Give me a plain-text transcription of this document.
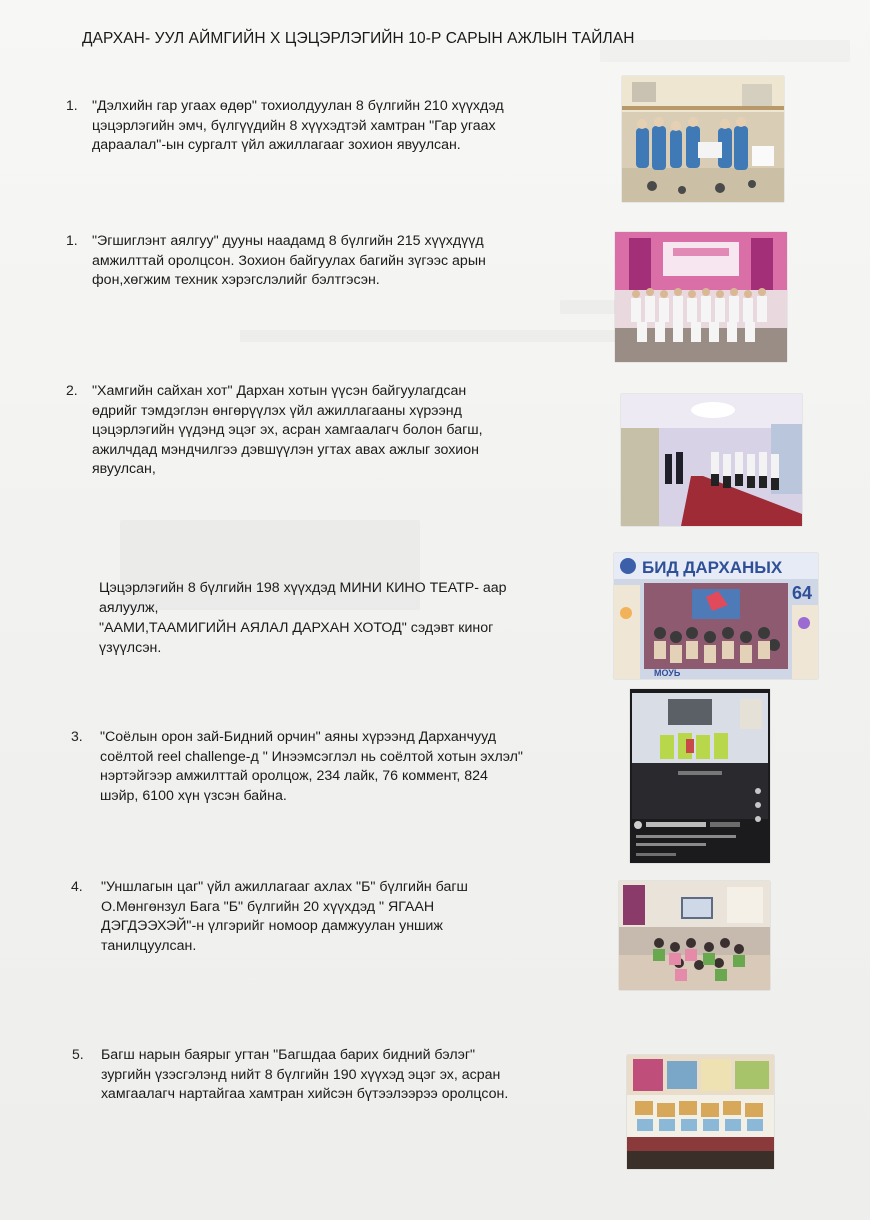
ДАРХАН- УУЛ АЙМГИЙН Х ЦЭЦЭРЛЭГИЙН 10-Р САРЫН АЖЛЫН ТАЙЛАН
1. "Дэлхийн гар угаах өдөр" тохиолдуулан 8 бүлгийн 210 хүүхдэд
цэцэрлэгийн эмч, бүлгүүдийн 8 хүүхэдтэй хамтран "Гар угаах
дараалал"-ын сургалт үйл ажиллагааг зохион явуулсан.
1. "Эгшиглэнт аялгуу" дууны наадамд 8 бүлгийн 215 хүүхдүүд
амжилттай оролцсон. Зохион байгуулах багийн зүгээс арын
фон,хөгжим техник хэрэгслэлийг бэлтгэсэн.
2. "Хамгийн сайхан хот" Дархан хотын үүсэн байгуулагдсан
өдрийг тэмдэглэн өнгөрүүлэх үйл ажиллагааны хүрээнд
цэцэрлэгийн үүдэнд эцэг эх, асран хамгаалагч болон багш,
ажилчдад мэндчилгээ дэвшүүлэн угтах авах ажлыг зохион
явуулсан,
Цэцэрлэгийн 8 бүлгийн 198 хүүхдэд МИНИ КИНО ТЕАТР- аар
аялуулж,
"ААМИ,ТААМИГИЙН АЯЛАЛ ДАРХАН ХОТОД" сэдэвт киног
үзүүлсэн.
БИД ДАРХАНЫХ
64
МОУЬ
3. "Соёлын орон зай-Бидний орчин" аяны хүрээнд Дарханчууд
соёлтой reel challenge-д " Инээмсэглэл нь соёлтой хотын эхлэл"
нэртэйгээр амжилттай оролцож, 234 лайк, 76 коммент, 824
шэйр, 6100 хүн үзсэн байна.
4. "Уншлагын цаг" үйл ажиллагааг ахлах "Б" бүлгийн багш
О.Мөнгөнзул Бага "Б" бүлгийн 20 хүүхдэд " ЯГААН
ДЭГДЭЭХЭЙ"-н үлгэрийг номоор дамжуулан уншиж
танилцуулсан.
5. Багш нарын баярыг угтан "Багшдаа барих бидний бэлэг"
зургийн үзэсгэлэнд нийт 8 бүлгийн 190 хүүхэд эцэг эх, асран
хамгаалагч нартайгаа хамтран хийсэн бүтээлээрээ оролцсон.
